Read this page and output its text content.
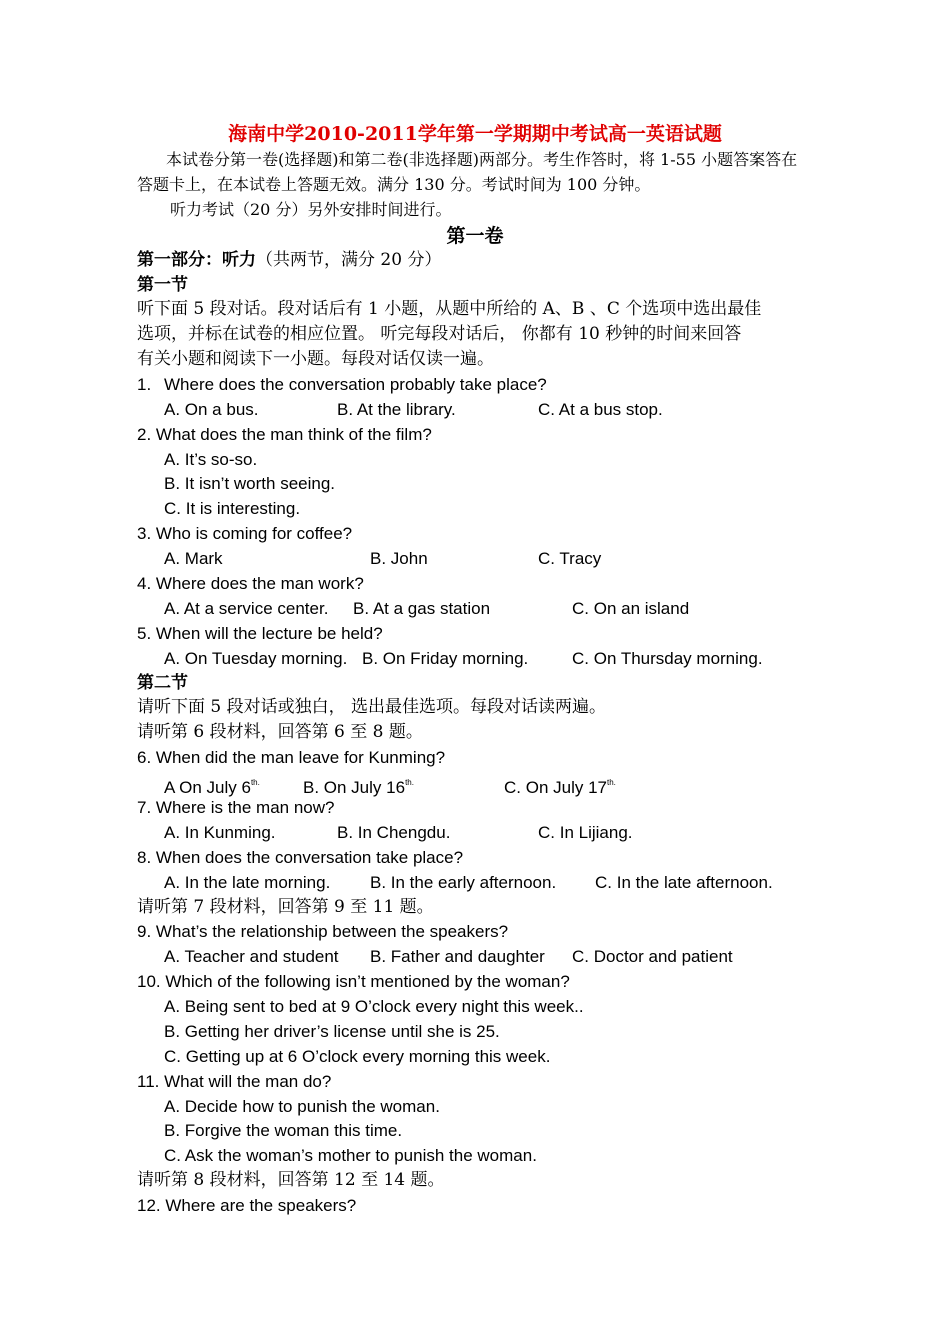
海南中学2010-2011学年第一学期期中考试高一英语试题
本试卷分第一卷(选择题)和第二卷(非选择题)两部分。考生作答时，将 1-55 小题答案答在
答题卡上，在本试卷上答题无效。满分 130 分。考试时间为 100 分钟。
听力考试（20 分）另外安排时间进行。
第一卷
第一部分：听力（共两节，满分 20 分）
第一节
听下面 5 段对话。段对话后有 1 小题，从题中所给的 A、B 、C 个选项中选出最佳
选项，并标在试卷的相应位置。 听完每段对话后， 你都有 10 秒钟的时间来回答
有关小题和阅读下一小题。每段对话仅读一遍。
1. Where does the conversation probably take place?
A. On a bus.	B. At the library.	C. At a bus stop.
2. What does the man think of the film?
A. It’s so-so.
B. It isn’t worth seeing.
C. It is interesting.
3. Who is coming for coffee?
A. Mark	B. John	C. Tracy
4. Where does the man work?
A. At a service center. B. At a gas station	C. On an island
5. When will the lecture be held?
A. On Tuesday morning. B. On Friday morning.	C. On Thursday morning.
第二节
请听下面 5 段对话或独白， 选出最佳选项。每段对话读两遍。
请听第 6 段材料，回答第 6 至 8 题。
6. When did the man leave for Kunming?
A On July $6^{th.}$	B. On July $16^{th.}$	C. On July $17^{th.}$
7. Where is the man now?
A. In Kunming.	B. In Chengdu.	C. In Lijiang.
8. When does the conversation take place?
A. In the late morning. B. In the early afternoon. C. In the late afternoon.
请听第 7 段材料，回答第 9 至 11 题。
9. What’s the relationship between the speakers?
A. Teacher and student B. Father and daughter C. Doctor and patient
10. Which of the following isn’t mentioned by the woman?
A. Being sent to bed at 9 O’clock every night this week..
B. Getting her driver’s license until she is 25.
C. Getting up at 6 O’clock every morning this week.
11. What will the man do?
A. Decide how to punish the woman.
B. Forgive the woman this time.
C. Ask the woman’s mother to punish the woman.
请听第 8 段材料，回答第 12 至 14 题。
12. Where are the speakers?
